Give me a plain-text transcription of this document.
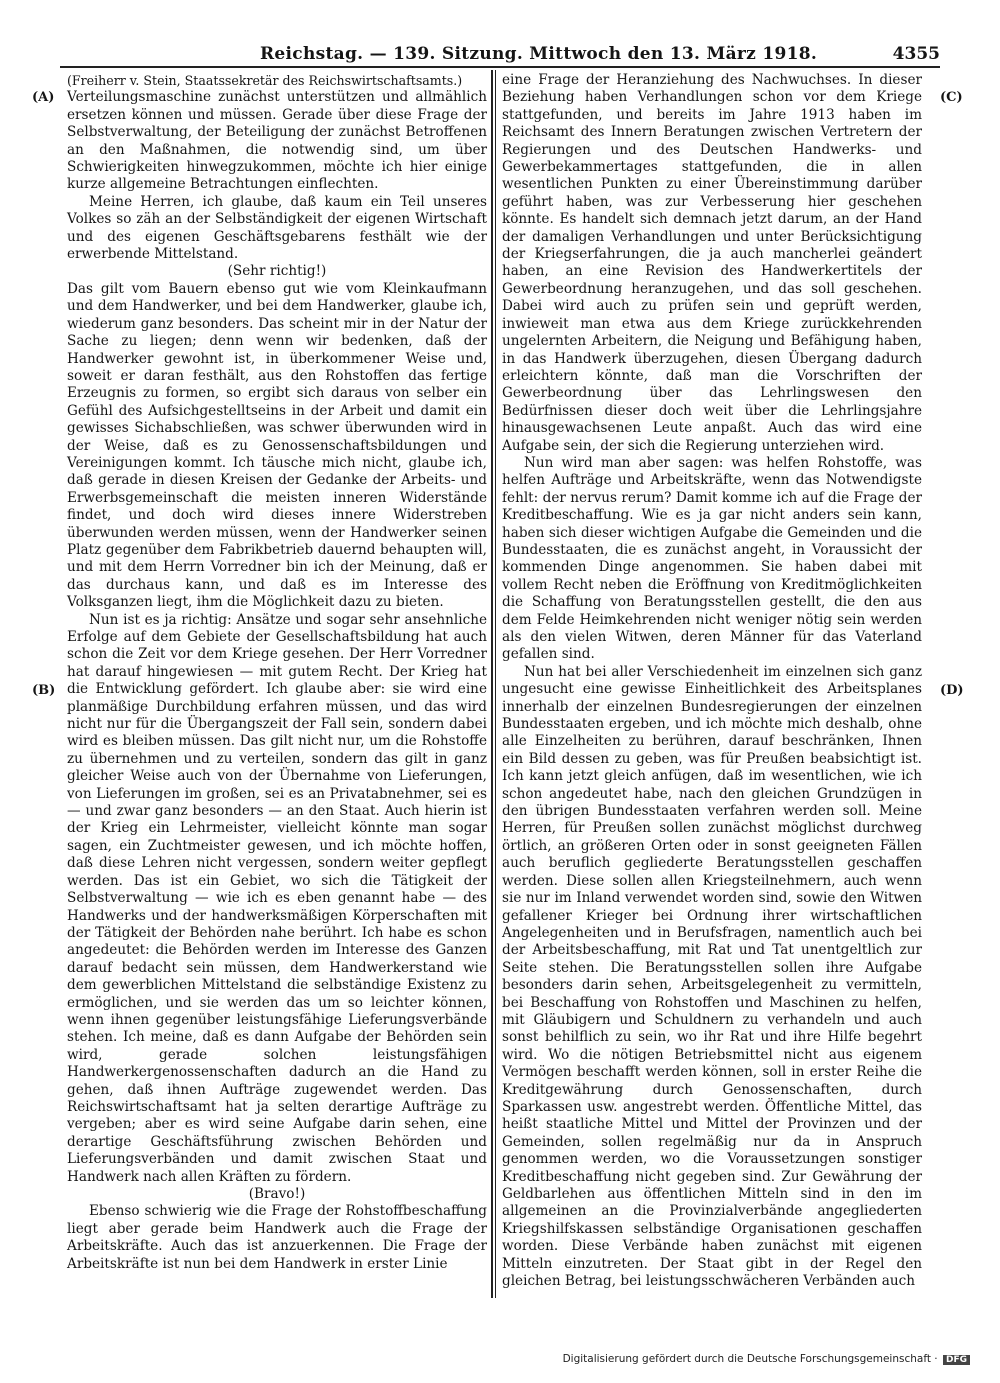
Reichstag. — 139. Sitzung. Mittwoch den 13. März 1918.	4355
(A)
(B)
(C)
(D)

(Freiherr v. Stein, Staatssekretär des Reichswirtschaftsamts.)

Verteilungsmaschine zunächst unterstützen und allmählich ersetzen können und müssen. Gerade über diese Frage der Selbstverwaltung, der Beteiligung der zunächst Betroffenen an den Maßnahmen, die notwendig sind, um über Schwierigkeiten hinwegzukommen, möchte ich hier einige kurze allgemeine Betrachtungen einflechten.

Meine Herren, ich glaube, daß kaum ein Teil unseres Volkes so zäh an der Selbständigkeit der eigenen Wirtschaft und des eigenen Geschäftsgebarens festhält wie der erwerbende Mittelstand.

(Sehr richtig!)

Das gilt vom Bauern ebenso gut wie vom Kleinkaufmann und dem Handwerker, und bei dem Handwerker, glaube ich, wiederum ganz besonders. Das scheint mir in der Natur der Sache zu liegen; denn wenn wir bedenken, daß der Handwerker gewohnt ist, in überkommener Weise und, soweit er daran festhält, aus den Rohstoffen das fertige Erzeugnis zu formen, so ergibt sich daraus von selber ein Gefühl des Aufsichgestelltseins in der Arbeit und damit ein gewisses Sichabschließen, was schwer überwunden wird in der Weise, daß es zu Genossenschaftsbildungen und Vereinigungen kommt. Ich täusche mich nicht, glaube ich, daß gerade in diesen Kreisen der Gedanke der Arbeits- und Erwerbsgemeinschaft die meisten inneren Widerstände findet, und doch wird dieses innere Widerstreben überwunden werden müssen, wenn der Handwerker seinen Platz gegenüber dem Fabrikbetrieb dauernd behaupten will, und mit dem Herrn Vorredner bin ich der Meinung, daß er das durchaus kann, und daß es im Interesse des Volksganzen liegt, ihm die Möglichkeit dazu zu bieten.

Nun ist es ja richtig: Ansätze und sogar sehr ansehnliche Erfolge auf dem Gebiete der Gesellschaftsbildung hat auch schon die Zeit vor dem Kriege gesehen. Der Herr Vorredner hat darauf hingewiesen — mit gutem Recht. Der Krieg hat die Entwicklung gefördert. Ich glaube aber: sie wird eine planmäßige Durchbildung erfahren müssen, und das wird nicht nur für die Übergangszeit der Fall sein, sondern dabei wird es bleiben müssen. Das gilt nicht nur, um die Rohstoffe zu übernehmen und zu verteilen, sondern das gilt in ganz gleicher Weise auch von der Übernahme von Lieferungen, von Lieferungen im großen, sei es an Privatabnehmer, sei es — und zwar ganz besonders — an den Staat. Auch hierin ist der Krieg ein Lehrmeister, vielleicht könnte man sogar sagen, ein Zuchtmeister gewesen, und ich möchte hoffen, daß diese Lehren nicht vergessen, sondern weiter gepflegt werden. Das ist ein Gebiet, wo sich die Tätigkeit der Selbstverwaltung — wie ich es eben genannt habe — des Handwerks und der handwerksmäßigen Körperschaften mit der Tätigkeit der Behörden nahe berührt. Ich habe es schon angedeutet: die Behörden werden im Interesse des Ganzen darauf bedacht sein müssen, dem Handwerkerstand wie dem gewerblichen Mittelstand die selbständige Existenz zu ermöglichen, und sie werden das um so leichter können, wenn ihnen gegenüber leistungsfähige Lieferungsverbände stehen. Ich meine, daß es dann Aufgabe der Behörden sein wird, gerade solchen leistungsfähigen Handwerkergenossenschaften dadurch an die Hand zu gehen, daß ihnen Aufträge zugewendet werden. Das Reichswirtschaftsamt hat ja selten derartige Aufträge zu vergeben; aber es wird seine Aufgabe darin sehen, eine derartige Geschäftsführung zwischen Behörden und Lieferungsverbänden und damit zwischen Staat und Handwerk nach allen Kräften zu fördern.

(Bravo!)

Ebenso schwierig wie die Frage der Rohstoffbeschaffung liegt aber gerade beim Handwerk auch die Frage der Arbeitskräfte. Auch das ist anzuerkennen. Die Frage der Arbeitskräfte ist nun bei dem Handwerk in erster Linie

eine Frage der Heranziehung des Nachwuchses. In dieser Beziehung haben Verhandlungen schon vor dem Kriege stattgefunden, und bereits im Jahre 1913 haben im Reichsamt des Innern Beratungen zwischen Vertretern der Regierungen und des Deutschen Handwerks- und Gewerbekammertages stattgefunden, die in allen wesentlichen Punkten zu einer Übereinstimmung darüber geführt haben, was zur Verbesserung hier geschehen könnte. Es handelt sich demnach jetzt darum, an der Hand der damaligen Verhandlungen und unter Berücksichtigung der Kriegserfahrungen, die ja auch mancherlei geändert haben, an eine Revision des Handwerkertitels der Gewerbeordnung heranzugehen, und das soll geschehen. Dabei wird auch zu prüfen sein und geprüft werden, inwieweit man etwa aus dem Kriege zurückkehrenden ungelernten Arbeitern, die Neigung und Befähigung haben, in das Handwerk überzugehen, diesen Übergang dadurch erleichtern könnte, daß man die Vorschriften der Gewerbeordnung über das Lehrlingswesen den Bedürfnissen dieser doch weit über die Lehrlingsjahre hinausgewachsenen Leute anpaßt. Auch das wird eine Aufgabe sein, der sich die Regierung unterziehen wird.

Nun wird man aber sagen: was helfen Rohstoffe, was helfen Aufträge und Arbeitskräfte, wenn das Notwendigste fehlt: der nervus rerum? Damit komme ich auf die Frage der Kreditbeschaffung. Wie es ja gar nicht anders sein kann, haben sich dieser wichtigen Aufgabe die Gemeinden und die Bundesstaaten, die es zunächst angeht, in Voraussicht der kommenden Dinge angenommen. Sie haben dabei mit vollem Recht neben die Eröffnung von Kreditmöglichkeiten die Schaffung von Beratungsstellen gestellt, die den aus dem Felde Heimkehrenden nicht weniger nötig sein werden als den vielen Witwen, deren Männer für das Vaterland gefallen sind.

Nun hat bei aller Verschiedenheit im einzelnen sich ganz ungesucht eine gewisse Einheitlichkeit des Arbeitsplanes innerhalb der einzelnen Bundesregierungen der einzelnen Bundesstaaten ergeben, und ich möchte mich deshalb, ohne alle Einzelheiten zu berühren, darauf beschränken, Ihnen ein Bild dessen zu geben, was für Preußen beabsichtigt ist. Ich kann jetzt gleich anfügen, daß im wesentlichen, wie ich schon angedeutet habe, nach den gleichen Grundzügen in den übrigen Bundesstaaten verfahren werden soll. Meine Herren, für Preußen sollen zunächst möglichst durchweg örtlich, an größeren Orten oder in sonst geeigneten Fällen auch beruflich gegliederte Beratungsstellen geschaffen werden. Diese sollen allen Kriegsteilnehmern, auch wenn sie nur im Inland verwendet worden sind, sowie den Witwen gefallener Krieger bei Ordnung ihrer wirtschaftlichen Angelegenheiten und in Berufsfragen, namentlich auch bei der Arbeitsbeschaffung, mit Rat und Tat unentgeltlich zur Seite stehen. Die Beratungsstellen sollen ihre Aufgabe besonders darin sehen, Arbeitsgelegenheit zu vermitteln, bei Beschaffung von Rohstoffen und Maschinen zu helfen, mit Gläubigern und Schuldnern zu verhandeln und auch sonst behilflich zu sein, wo ihr Rat und ihre Hilfe begehrt wird. Wo die nötigen Betriebsmittel nicht aus eigenem Vermögen beschafft werden können, soll in erster Reihe die Kreditgewährung durch Genossenschaften, durch Sparkassen usw. angestrebt werden. Öffentliche Mittel, das heißt staatliche Mittel und Mittel der Provinzen und der Gemeinden, sollen regelmäßig nur da in Anspruch genommen werden, wo die Voraussetzungen sonstiger Kreditbeschaffung nicht gegeben sind. Zur Gewährung der Geldbarlehen aus öffentlichen Mitteln sind in den im allgemeinen an die Provinzialverbände angegliederten Kriegshilfskassen selbständige Organisationen geschaffen worden. Diese Verbände haben zunächst mit eigenen Mitteln einzutreten. Der Staat gibt in der Regel den gleichen Betrag, bei leistungsschwächeren Verbänden auch

Digitalisierung gefördert durch die Deutsche Forschungsgemeinschaft · DFG
